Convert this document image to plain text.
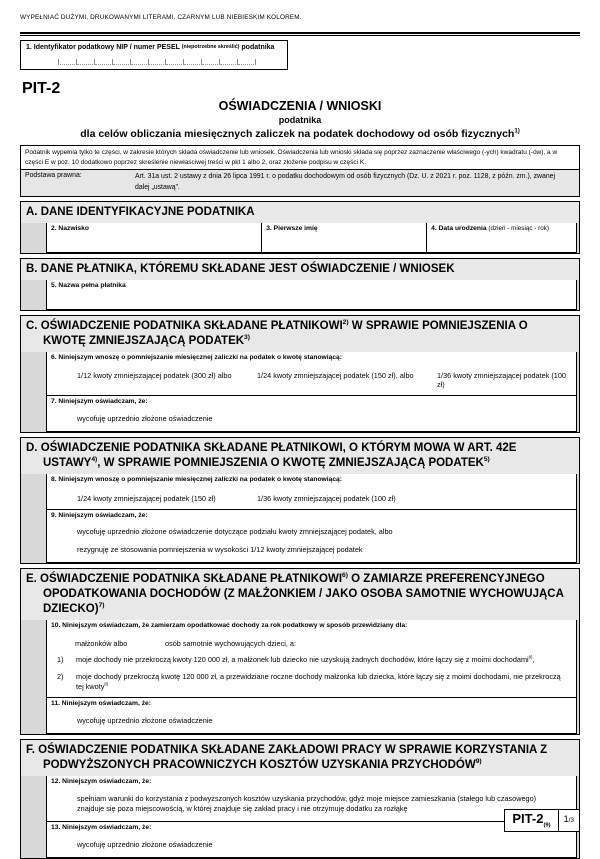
WYPEŁNIAĆ DUŻYMI, DRUKOWANYMI LITERAMI, CZARNYM LUB NIEBIESKIM KOLOREM.
1. Identyfikator podatkowy NIP / numer PESEL $^{(niepotrzebne skreślić)}$ podatnika
PIT-2
OŚWIADCZENIA / WNIOSKI
podatnika
dla celów obliczania miesięcznych zaliczek na podatek dochodowy od osób fizycznych$^{1)}$
Podatnik wypełnia tylko te części, w zakresie których składa oświadczenie lub wniosek. Oświadczenia lub wnioski składa się poprzez zaznaczenie właściwego (-ych) kwadratu (-ów), a w części E w poz. 10 dodatkowo poprzez skreślenie niewłaściwej treści w pkt 1 albo 2, oraz złożenie podpisu w części K.
Podstawa prawna:	Art. 31a ust. 2 ustawy z dnia 26 lipca 1991 r. o podatku dochodowym od osób fizycznych (Dz. U. z 2021 r. poz. 1128, z późn. zm.), zwanej dalej „ustawą”.
A. DANE IDENTYFIKACYJNE PODATNIKA
2. Nazwisko	3. Pierwsze imię	4. Data urodzenia (dzień - miesiąc - rok)
B. DANE PŁATNIKA, KTÓREMU SKŁADANE JEST OŚWIADCZENIE / WNIOSEK
5. Nazwa pełna płatnika
C. OŚWIADCZENIE PODATNIKA SKŁADANE PŁATNIKOWI$^{2)}$ W SPRAWIE POMNIEJSZENIA O KWOTĘ ZMNIEJSZAJĄCĄ PODATEK$^{3)}$
6. Niniejszym wnoszę o pomniejszanie miesięcznej zaliczki na podatek o kwotę stanowiącą:
1/12 kwoty zmniejszającej podatek (300 zł) albo	1/24 kwoty zmniejszającej podatek (150 zł), albo	1/36 kwoty zmniejszającej podatek (100 zł)
7. Niniejszym oświadczam, że:
wycofuję uprzednio złożone oświadczenie
D. OŚWIADCZENIE PODATNIKA SKŁADANE PŁATNIKOWI, O KTÓRYM MOWA W ART. 42E USTAWY$^{4)}$, W SPRAWIE POMNIEJSZENIA O KWOTĘ ZMNIEJSZAJĄCĄ PODATEK$^{5)}$
8. Niniejszym wnoszę o pomniejszanie miesięcznej zaliczki na podatek o kwotę stanowiącą:
1/24 kwoty zmniejszającej podatek (150 zł)	1/36 kwoty zmniejszającej podatek (100 zł)
9. Niniejszym oświadczam, że:
wycofuję uprzednio złożone oświadczenie dotyczące podziału kwoty zmniejszającej podatek, albo
rezygnuję ze stosowania pomniejszenia w wysokości 1/12 kwoty zmniejszającej podatek
E. OŚWIADCZENIE PODATNIKA SKŁADANE PŁATNIKOWI$^{6)}$ O ZAMIARZE PREFERENCYJNEGO OPODATKOWANIA DOCHODÓW (Z MAŁŻONKIEM / JAKO OSOBA SAMOTNIE WYCHOWUJĄCA DZIECKO)$^{7)}$
10. Niniejszym oświadczam, że zamierzam opodatkować dochody za rok podatkowy w sposób przewidziany dla:
małżonków albo	osób samotnie wychowujących dzieci, a:
1)	moje dochody nie przekroczą kwoty 120 000 zł, a małżonek lub dziecko nie uzyskują żadnych dochodów, które łączy się z moimi dochodami$^{8)}$,
2)	moje dochody przekroczą kwotę 120 000 zł, a przewidziane roczne dochody małżonka lub dziecka, które łączy się z moimi dochodami, nie przekroczą tej kwoty$^{8)}$
11. Niniejszym oświadczam, że:
wycofuję uprzednio złożone oświadczenie
F. OŚWIADCZENIE PODATNIKA SKŁADANE ZAKŁADOWI PRACY W SPRAWIE KORZYSTANIA Z PODWYŻSZONYCH PRACOWNICZYCH KOSZTÓW UZYSKANIA PRZYCHODÓW$^{9)}$
12. Niniejszym oświadczam, że:
spełniam warunki do korzystania z podwyższonych kosztów uzyskania przychodów, gdyż moje miejsce zamieszkania (stałego lub czasowego) znajduje się poza miejscowością, w której znajduje się zakład pracy i nie otrzymuję dodatku za rozłąkę
13. Niniejszym oświadczam, że:
wycofuję uprzednio złożone oświadczenie
PIT-$2_{(9)}$
1/3
